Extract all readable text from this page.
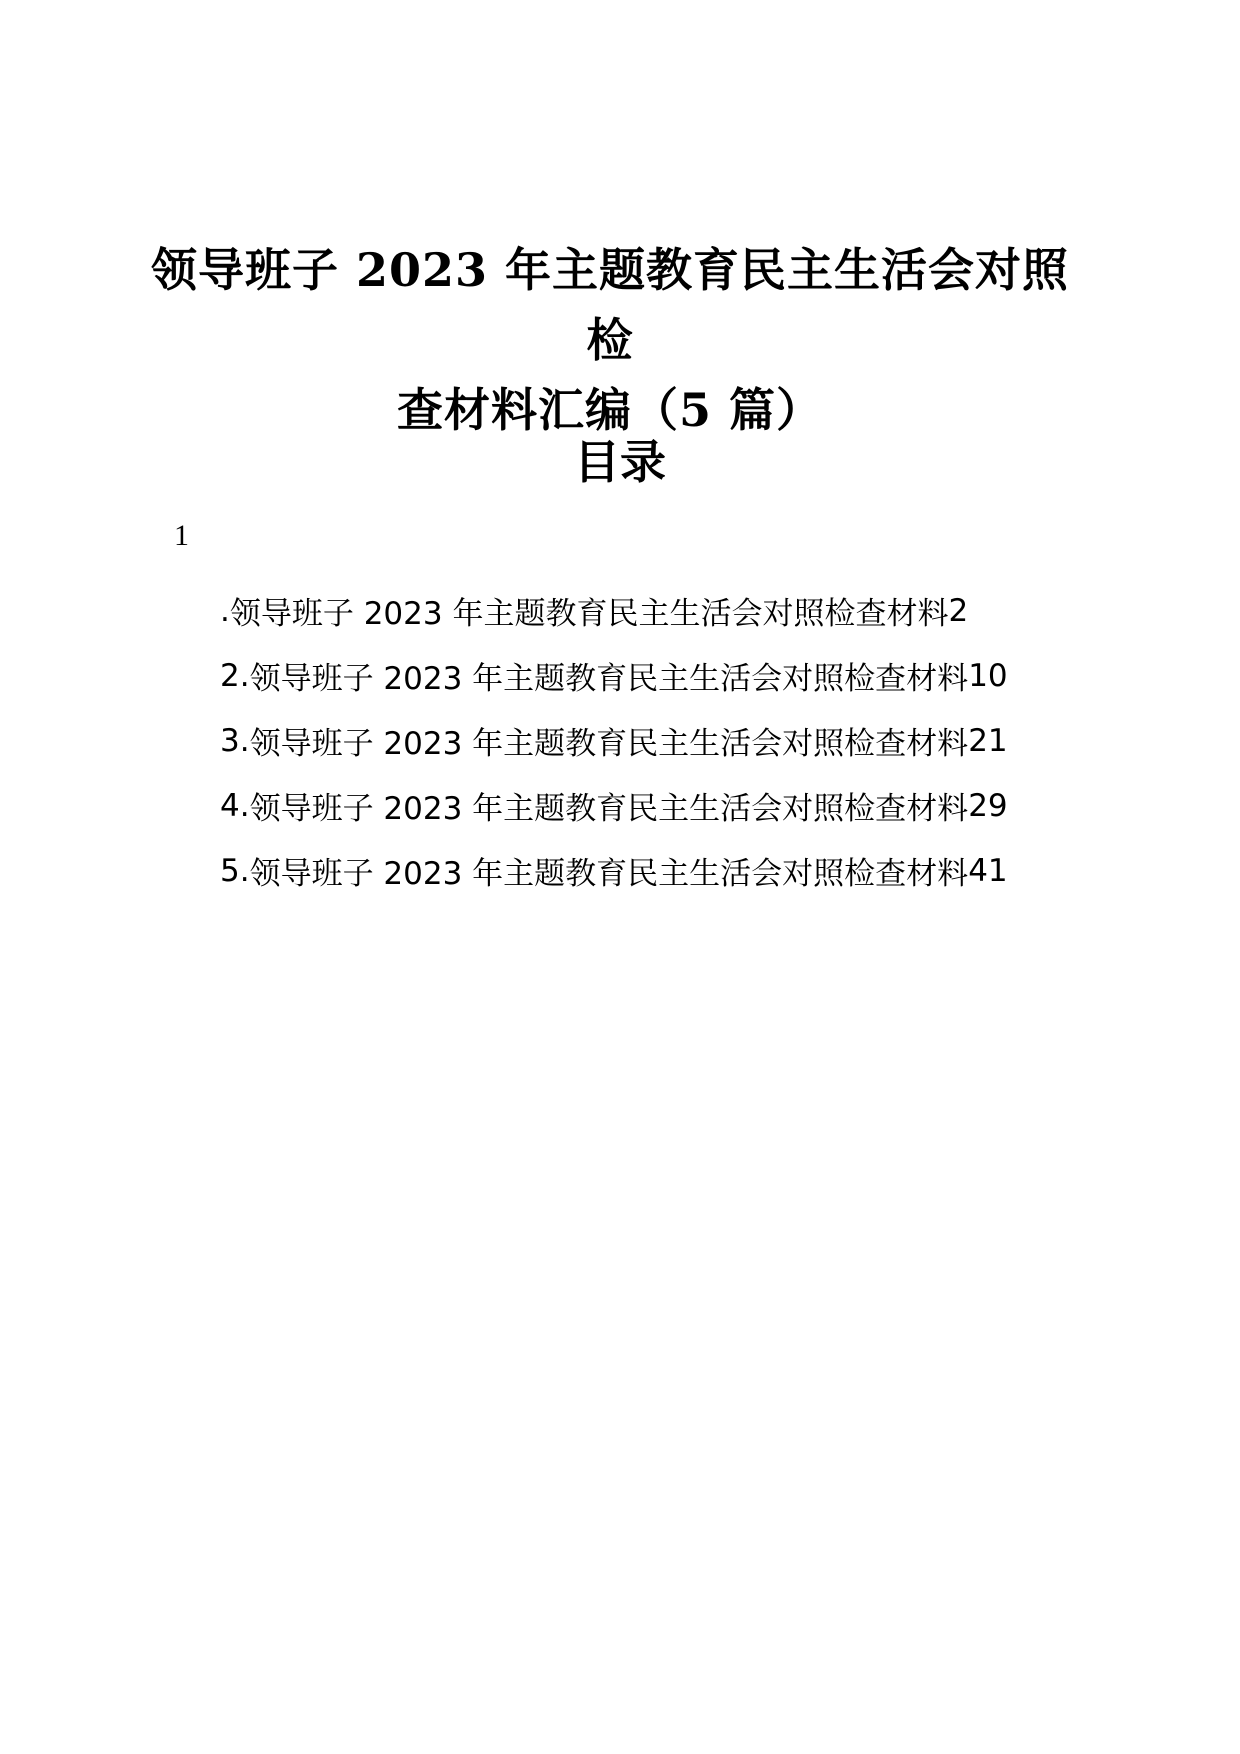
领导班子 2023 年主题教育民主生活会对照检
查材料汇编（5 篇）
目录
1
. 领导班子 2023 年主题教育民主生活会对照检查材料 2
2. 领导班子 2023 年主题教育民主生活会对照检查材料 10
3. 领导班子 2023 年主题教育民主生活会对照检查材料 21
4. 领导班子 2023 年主题教育民主生活会对照检查材料 29
5. 领导班子 2023 年主题教育民主生活会对照检查材料 41
